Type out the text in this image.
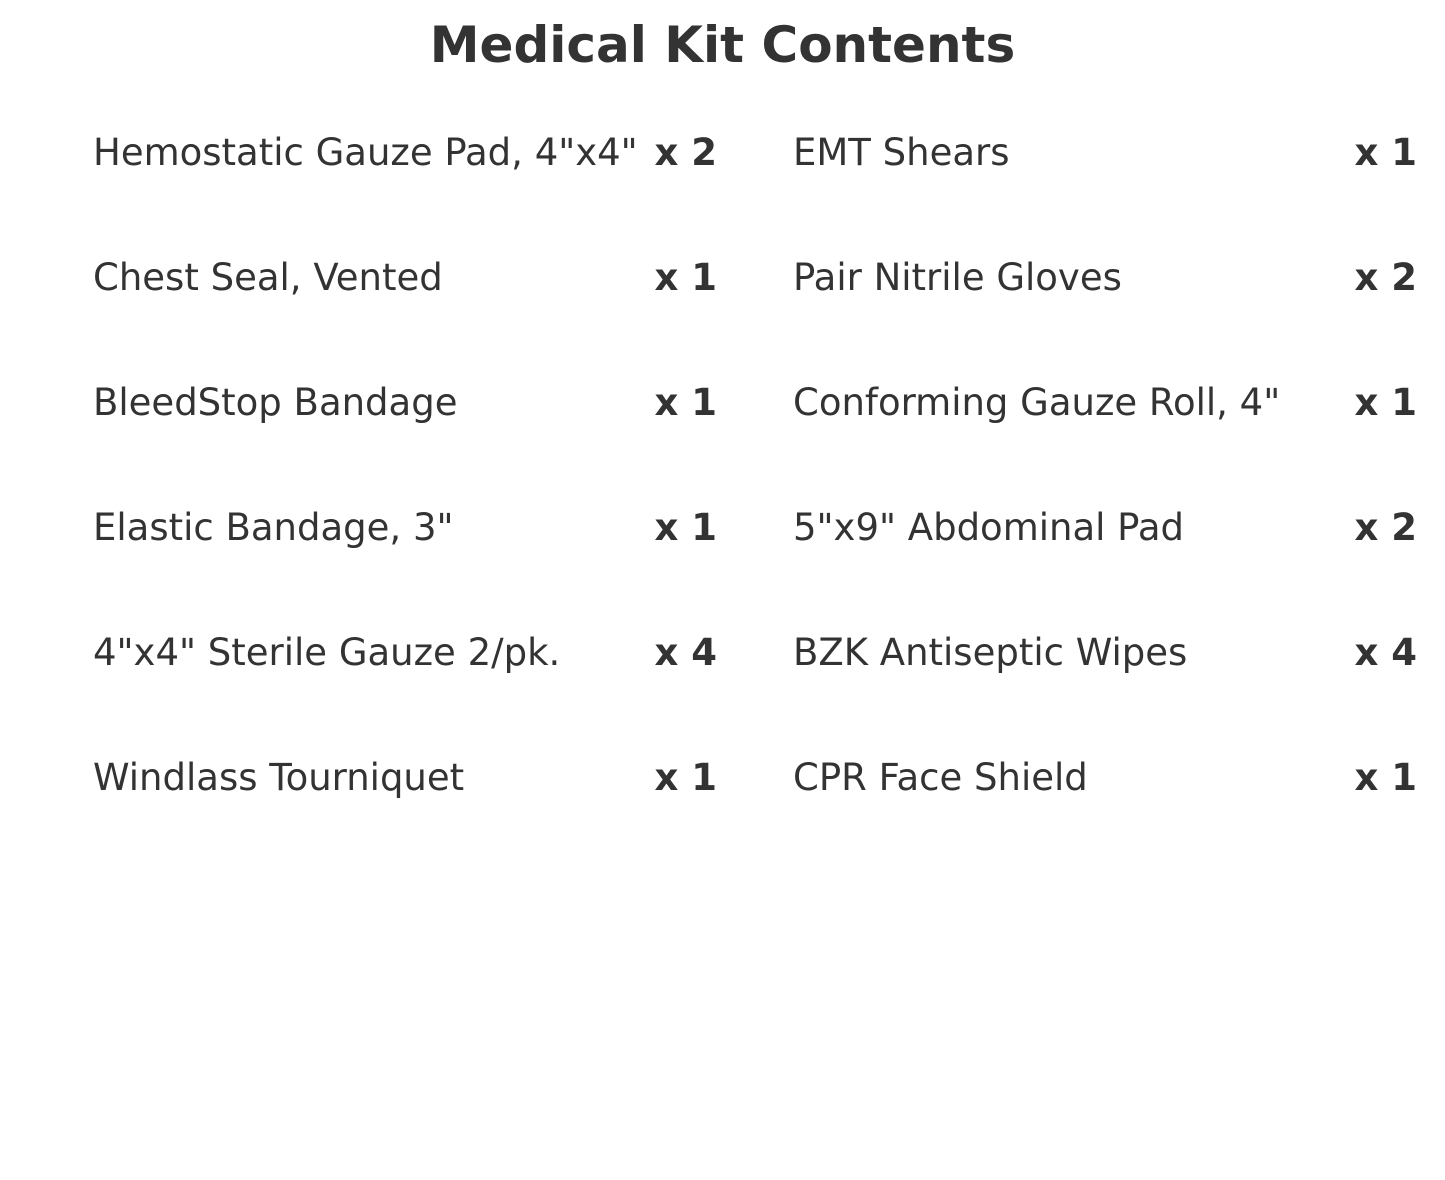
Medical Kit Contents
Hemostatic Gauze Pad, 4"x4" x 2
Chest Seal, Vented	x 1
BleedStop Bandage	x 1
Elastic Bandage, 3"	x 1
4"x4" Sterile Gauze 2/pk.	x 4
Windlass Tourniquet	x 1
EMT Shears	x 1
Pair Nitrile Gloves	x 2
Conforming Gauze Roll, 4" x 1
5"x9" Abdominal Pad	x 2
BZK Antiseptic Wipes	x 4
CPR Face Shield	x 1
